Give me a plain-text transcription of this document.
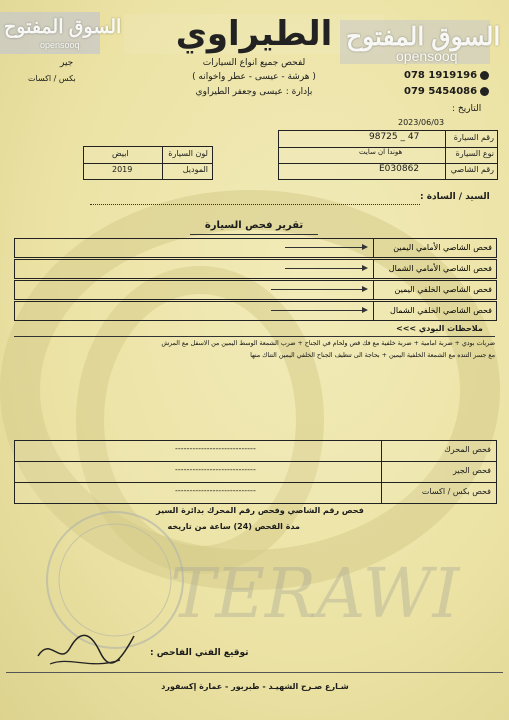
TERAWI
الطيراوي
لفحص جميع انواع السيارات
( هرشة - عيسى - عطر واخوانه )
بإدارة : عيسى وجعفر الطيراوي
جير
بكس / اكسات	078 1919196
079 5454086
التاريخ :
2023/06/03
رقم السيارة
98725 _ 47
نوع السيارة
هوندا ان سايت
رقم الشاصي
E030862
لون السيارة
ابيض
الموديل
2019
السيد / السادة :
تقرير فحص السيارة
فحص الشاصي الأمامي اليمين
فحص الشاصي الأمامي الشمال
فحص الشاصي الخلفي اليمين
فحص الشاصي الخلفي الشمال
ملاحظات البودي >>>
ضربات بودي + ضربة امامية + ضربة خلفية مع فك قص ولحام في الجناح + ضرب الشمعة الوسط اليمين من الاسفل مع المرش
مع جسر التنده مع الشمعة الخلفية اليمين + بحاجة الى تنظيف الجناح الخلفي اليمين التناك منها
فحص المحرك
----------------------------
فحص الجير
----------------------------
فحص بكس / اكسات
----------------------------
فحص رقم الشاصي وفحص رقم المحرك بدائرة السير
مدة الفحص (24) ساعة من تاريخه
توقيع الفني الفاحص :
شـارع صـرح الشهيـد - طبربور - عمارة إكسفورد
السوق المفتوح
opensooq	السوق المفتوح
opensooq
